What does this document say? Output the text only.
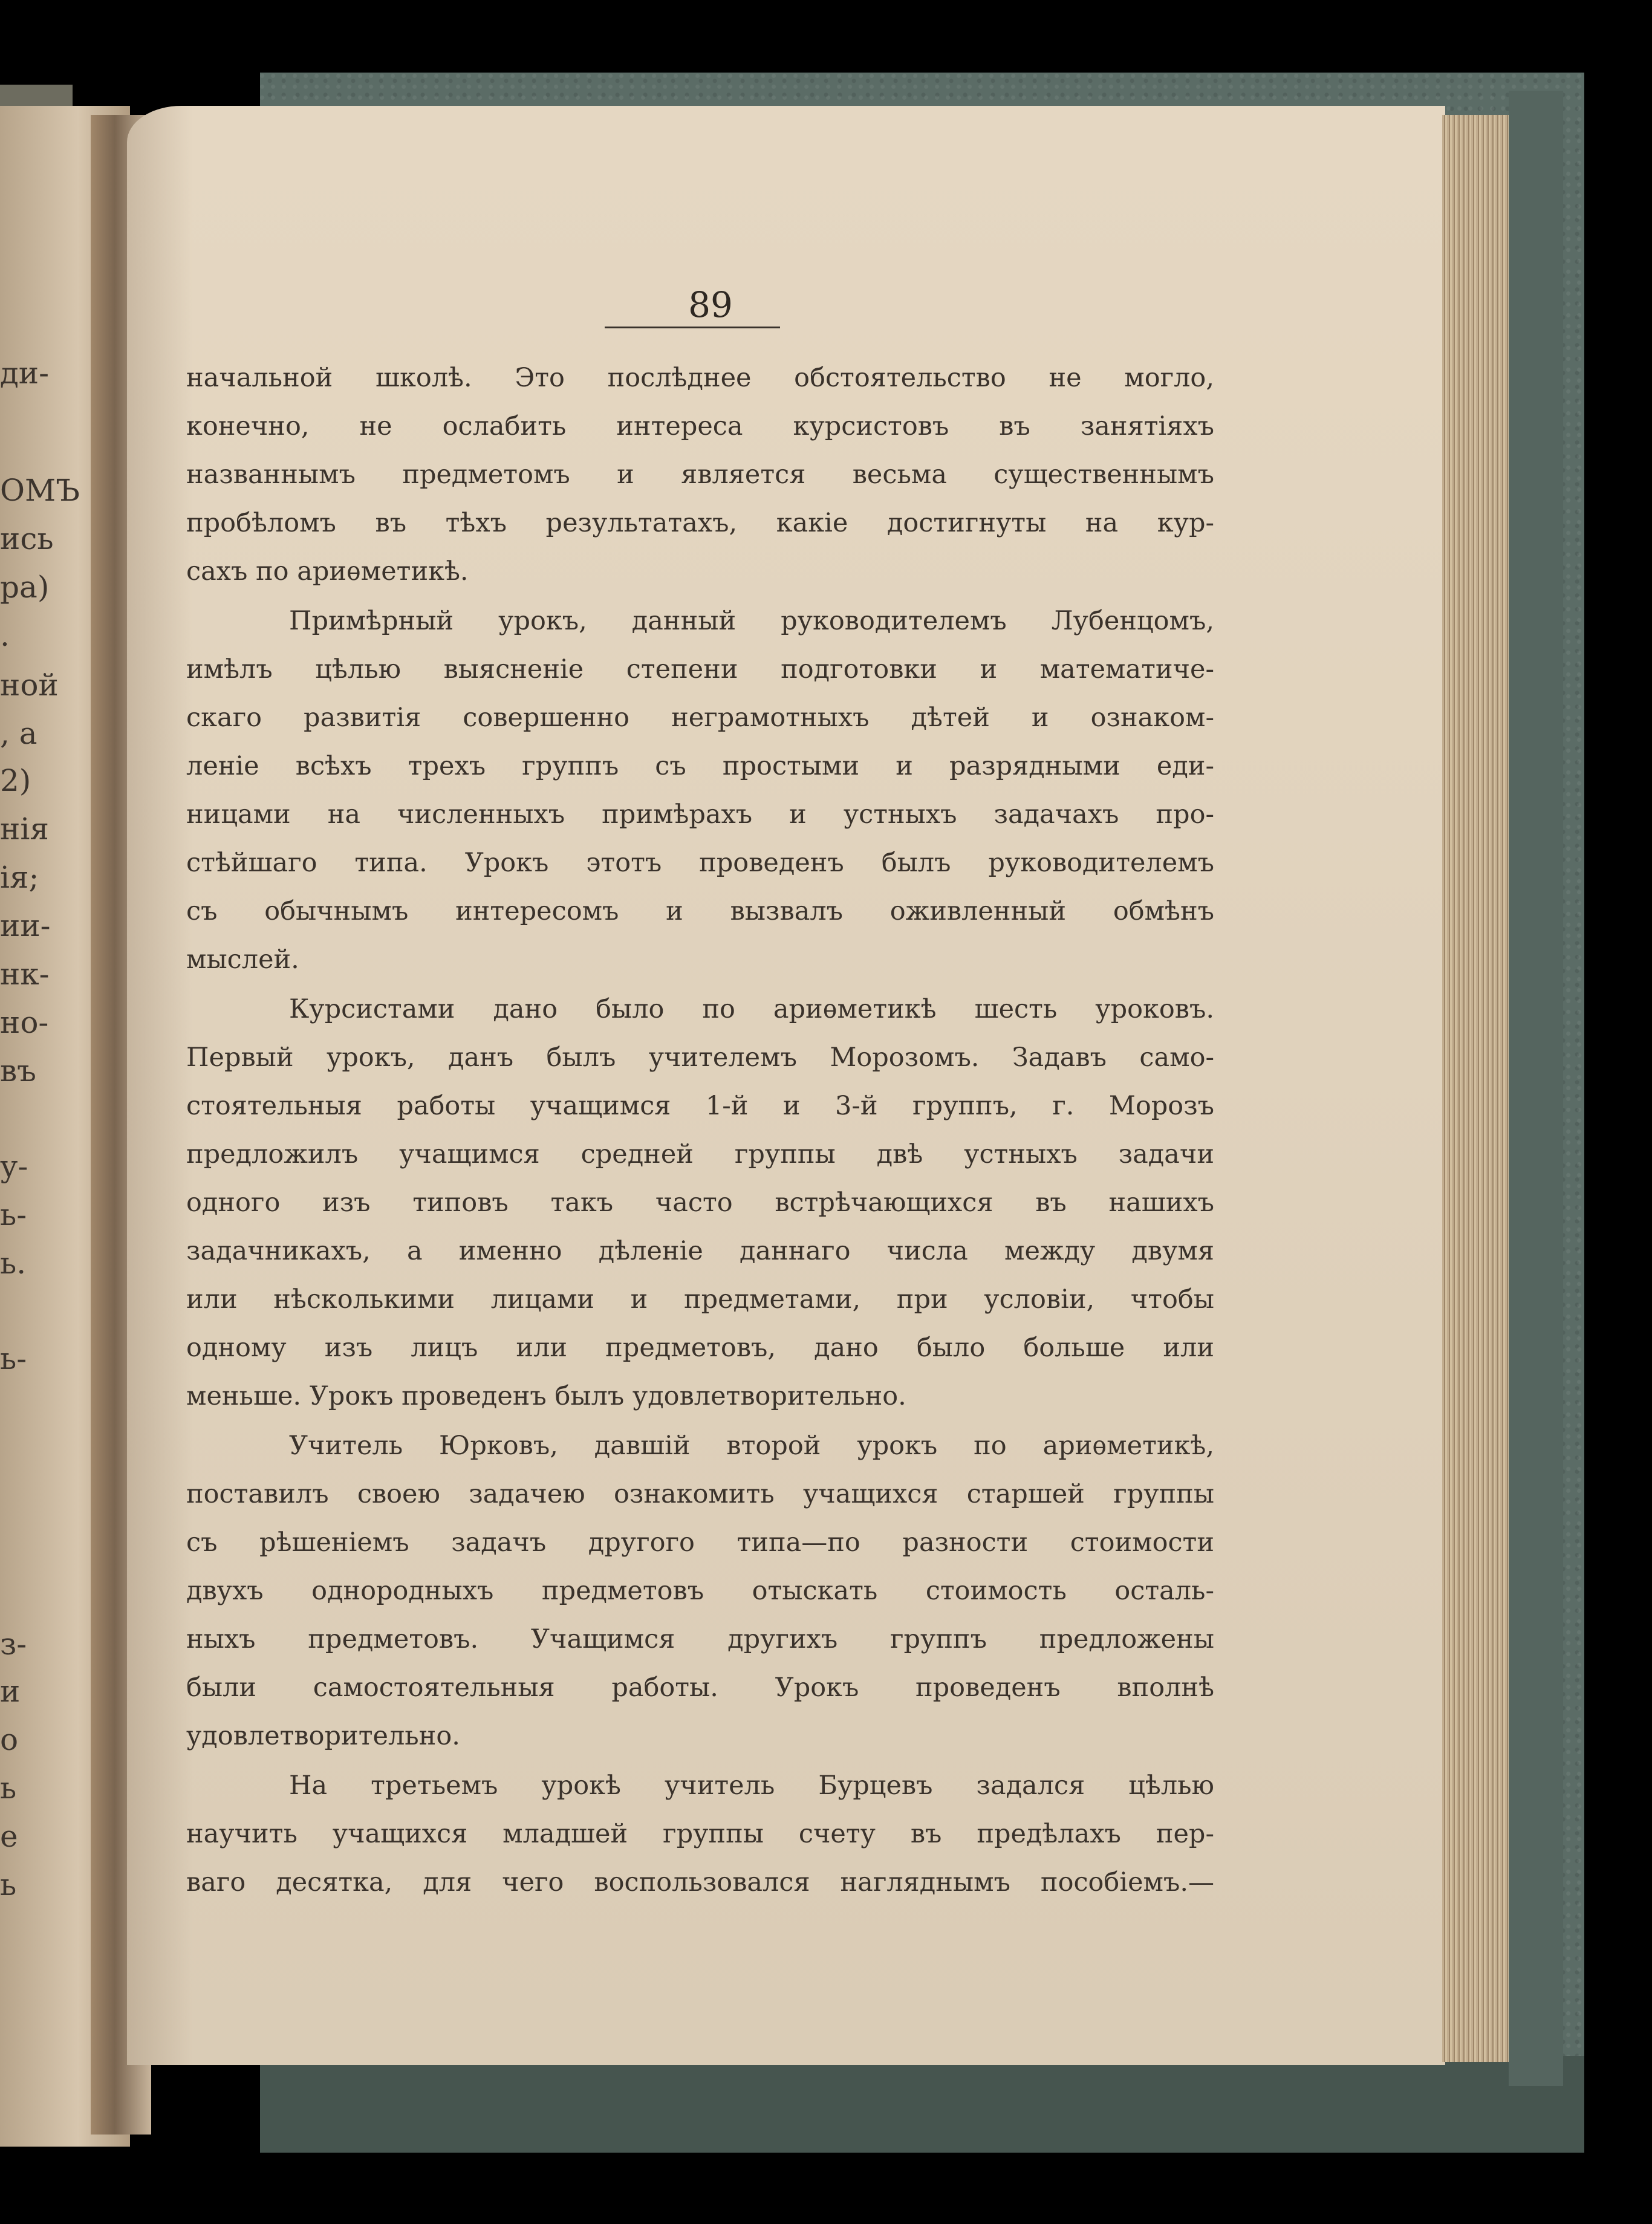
ди-
ОМЪ
ись
ра)
.
ной
, а
2)
нія
ія;
ии-
нк-
но-
въ
у-
ь-
ь.
ь-
з-
и
о
ь
е
ь
89
начальной школѣ. Это послѣднее обстоятельство не могло,
конечно, не ослабить интереса курсистовъ въ занятіяхъ
названнымъ предметомъ и является весьма существеннымъ
пробѣломъ въ тѣхъ результатахъ, какіе достигнуты на кур-
сахъ по ариѳметикѣ.
Примѣрный урокъ, данный руководителемъ Лубенцомъ,
имѣлъ цѣлью выясненіе степени подготовки и математиче-
скаго развитія совершенно неграмотныхъ дѣтей и ознаком-
леніе всѣхъ трехъ группъ съ простыми и разрядными еди-
ницами на численныхъ примѣрахъ и устныхъ задачахъ про-
стѣйшаго типа. Урокъ этотъ проведенъ былъ руководителемъ
съ обычнымъ интересомъ и вызвалъ оживленный обмѣнъ
мыслей.
Курсистами дано было по ариѳметикѣ шесть уроковъ.
Первый урокъ, данъ былъ учителемъ Морозомъ. Задавъ само-
стоятельныя работы учащимся 1-й и 3-й группъ, г. Морозъ
предложилъ учащимся средней группы двѣ устныхъ задачи
одного изъ типовъ такъ часто встрѣчающихся въ нашихъ
задачникахъ, а именно дѣленіе даннаго числа между двумя
или нѣсколькими лицами и предметами, при условіи, чтобы
одному изъ лицъ или предметовъ, дано было больше или
меньше. Урокъ проведенъ былъ удовлетворительно.
Учитель Юрковъ, давшій второй урокъ по ариѳметикѣ,
поставилъ своею задачею ознакомить учащихся старшей группы
съ рѣшеніемъ задачъ другого типа—по разности стоимости
двухъ однородныхъ предметовъ отыскать стоимость осталь-
ныхъ предметовъ. Учащимся другихъ группъ предложены
были самостоятельныя работы. Урокъ проведенъ вполнѣ
удовлетворительно.
На третьемъ урокѣ учитель Бурцевъ задался цѣлью
научить учащихся младшей группы счету въ предѣлахъ пер-
ваго десятка, для чего воспользовался нагляднымъ пособіемъ.—
